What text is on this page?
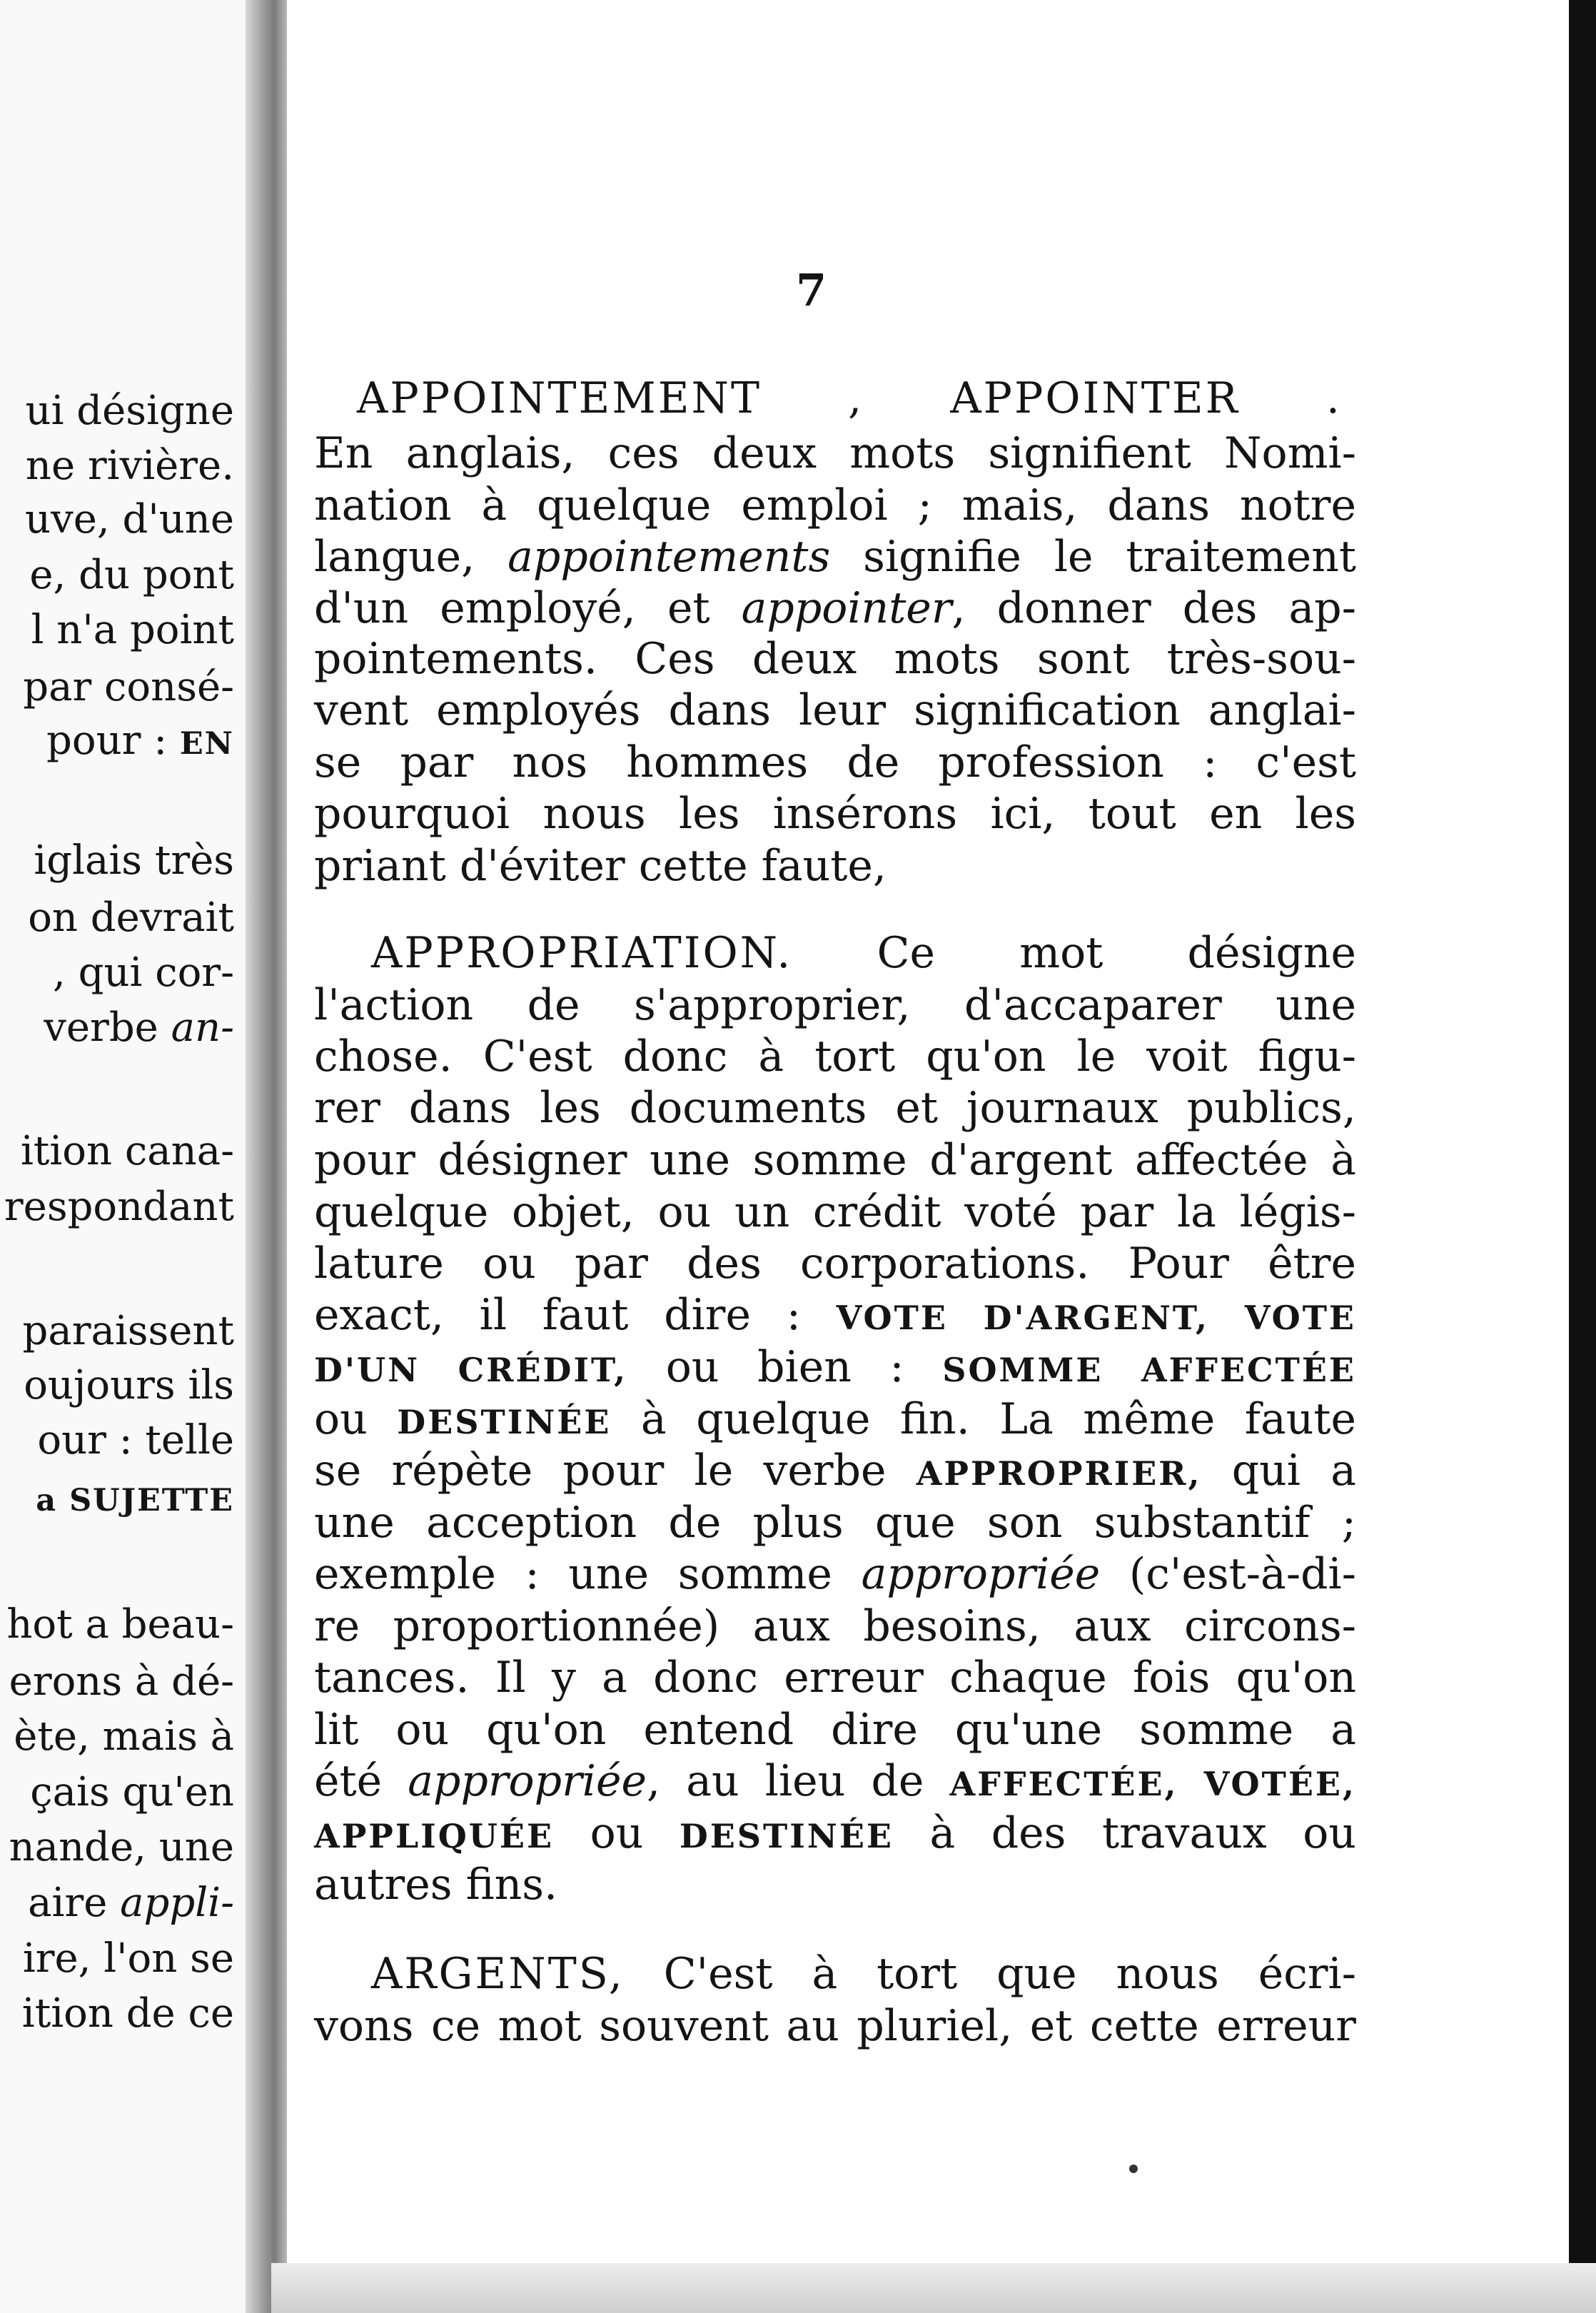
ui désigne
ne rivière.
uve, d'une
e, du pont
l n'a point
par consé-
pour : EN
iglais très
on devrait
, qui cor-
verbe an-
ition cana-
respondant
paraissent
oujours ils
our : telle
a SUJETTE
hot a beau-
erons à dé-
ète, mais à
çais qu'en
nande, une
aire appli-
ire, l'on se
ition de ce
7
APPOINTEMENT , APPOINTER .
En anglais, ces deux mots signifient Nomi-
nation à quelque emploi ; mais, dans notre
langue, appointements signifie le traitement
d'un employé, et appointer, donner des ap-
pointements. Ces deux mots sont très-sou-
vent employés dans leur signification anglai-
se par nos hommes de profession : c'est
pourquoi nous les insérons ici, tout en les
priant d'éviter cette faute,
APPROPRIATION. Ce mot désigne
l'action de s'approprier, d'accaparer une
chose. C'est donc à tort qu'on le voit figu-
rer dans les documents et journaux publics,
pour désigner une somme d'argent affectée à
quelque objet, ou un crédit voté par la légis-
lature ou par des corporations. Pour être
exact, il faut dire : VOTE D'ARGENT, VOTE
D'UN CRÉDIT, ou bien : SOMME AFFECTÉE
ou DESTINÉE à quelque fin. La même faute
se répète pour le verbe APPROPRIER, qui a
une acception de plus que son substantif ;
exemple : une somme appropriée (c'est-à-di-
re proportionnée) aux besoins, aux circons-
tances. Il y a donc erreur chaque fois qu'on
lit ou qu'on entend dire qu'une somme a
été appropriée, au lieu de AFFECTÉE, VOTÉE,
APPLIQUÉE ou DESTINÉE à des travaux ou
autres fins.
ARGENTS, C'est à tort que nous écri-
vons ce mot souvent au pluriel, et cette erreur
